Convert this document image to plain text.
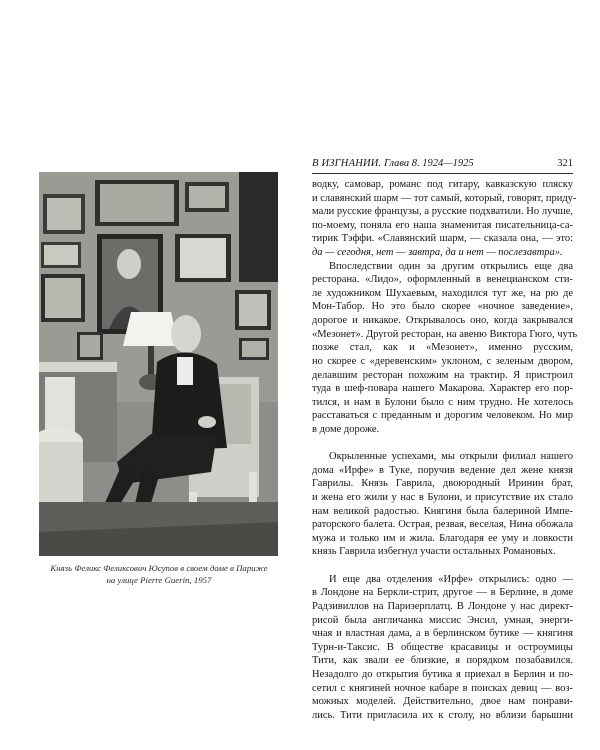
Князь Феликс Феликсович Юсупов в своем доме в Париже
на улице Pierre Guerin, 1957
В ИЗГНАНИИ. Глава 8. 1924—1925	321
водку, самовар, романс под гитару, кавказскую пляску
и славянский шарм — тот самый, который, говорят, приду-
мали русские французы, а русские подхватили. Но лучше,
по-моему, поняла его наша знаменитая писательница-са-
тирик Тэффи. «Славянский шарм, — сказала она, — это:
да — сегодня, нет — завтра, да и нет — послезавтра».
Впоследствии один за другим открылись еще два
ресторана. «Лидо», оформленный в венецианском сти-
ле художником Шухаевым, находился тут же, на рю де
Мон-Табор. Но это было скорее «ночное заведение»,
дорогое и никакое. Открывалось оно, когда закрывался
«Мезонет». Другой ресторан, на авеню Виктора Гюго, чуть
позже стал, как и «Мезонет», именно русским,
но скорее с «деревенским» уклоном, с зеленым двором,
делавшим ресторан похожим на трактир. Я пристроил
туда в шеф-повара нашего Макарова. Характер его пор-
тился, и нам в Булони было с ним трудно. Не хотелось
расставаться с преданным и дорогим человеком. Но мир
в доме дороже.
Окрыленные успехами, мы открыли филиал нашего
дома «Ирфе» в Туке, поручив ведение дел жене князя
Гаврилы. Князь Гаврила, двоюродный Иринин брат,
и жена его жили у нас в Булони, и присутствие их стало
нам великой радостью. Княгиня была балериной Импе-
раторского балета. Острая, резвая, веселая, Нина обожала
мужа и только им и жила. Благодаря ее уму и ловкости
князь Гаврила избегнул участи остальных Романовых.
И еще два отделения «Ирфе» открылись: одно —
в Лондоне на Беркли-стрит, другое — в Берлине, в доме
Радзивиллов на Паризерплатц. В Лондоне у нас директ-
рисой была англичанка миссис Энсил, умная, энерги-
чная и властная дама, а в берлинском бутике — княгиня
Турн-и-Таксис. В обществе красавицы и остроумицы
Тити, как звали ее близкие, я порядком позабавился.
Незадолго до открытия бутика я приехал в Берлин и по-
сетил с княгиней ночное кабаре в поисках девиц — воз-
можных моделей. Действительно, двое нам понрави-
лись. Тити пригласила их к столу, но вблизи барышни
